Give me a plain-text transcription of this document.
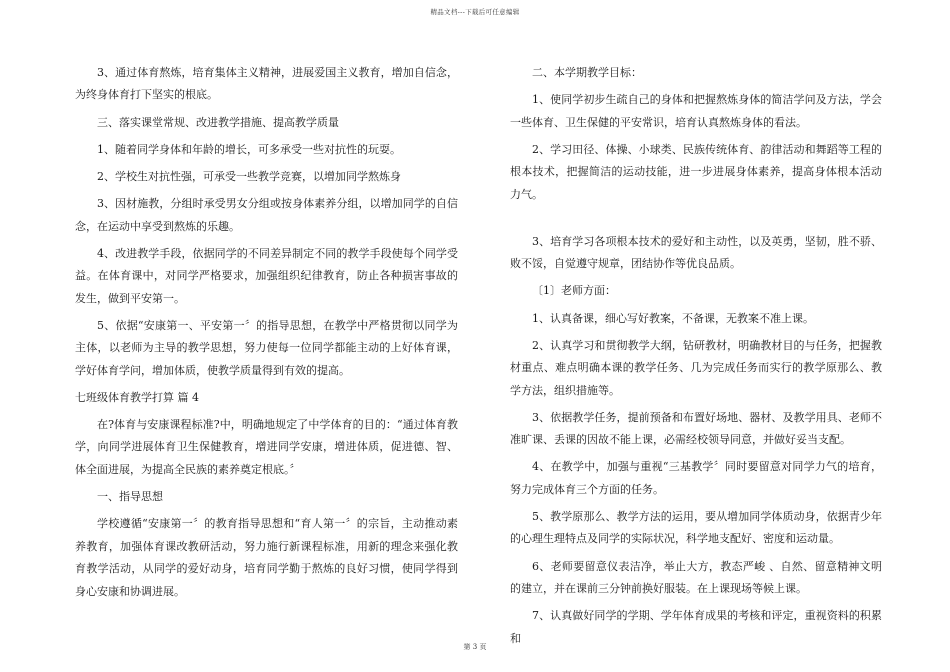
精品文档---下载后可任意编辑

3、通过体育熬炼，培育集体主义精神，进展爱国主义教育，增加自信念，为终身体育打下坚实的根底。

三、落实课堂常规、改进教学措施、提高教学质量

1、随着同学身体和年龄的增长，可多承受一些对抗性的玩耍。

2、学校生对抗性强，可承受一些教学竞赛，以增加同学熬炼身

3、因材施教，分组时承受男女分组或按身体素养分组，以增加同学的自信念，在运动中享受到熬炼的乐趣。

4、改进教学手段，依据同学的不同差异制定不同的教学手段使每个同学受益。在体育课中，对同学严格要求，加强组织纪律教育，防止各种损害事故的发生，做到平安第一。

5、依据“安康第一、平安第一〞的指导思想，在教学中严格贯彻以同学为主体，以老师为主导的教学思想，努力使每一位同学都能主动的上好体育课，学好体育学问，增加体质，使教学质量得到有效的提高。

七班级体育教学打算 篇 4

在?体育与安康课程标准?中，明确地规定了中学体育的目的：“通过体育教学，向同学进展体育卫生保健教育，增进同学安康，增进体质，促进德、智、体全面进展，为提高全民族的素养奠定根底。〞

一、指导思想

学校遵循“安康第一〞的教育指导思想和“育人第一〞的宗旨，主动推动素养教育，加强体育课改教研活动，努力施行新课程标准，用新的理念来强化教育教学活动，从同学的爱好动身，培育同学勤于熬炼的良好习惯，使同学得到身心安康和协调进展。

二、本学期教学目标：

1、使同学初步生疏自己的身体和把握熬炼身体的简洁学问及方法，学会一些体育、卫生保健的平安常识，培育认真熬炼身体的看法。

2、学习田径、体操、小球类、民族传统体育、韵律活动和舞蹈等工程的根本技术，把握简洁的运动技能，进一步进展身体素养，提高身体根本活动力气。

3、培育学习各项根本技术的爱好和主动性，以及英勇，坚韧，胜不骄、败不馁，自觉遵守规章，团结协作等优良品质。

〔1〕老师方面：

1、认真备课，细心写好教案，不备课，无教案不准上课。

2、认真学习和贯彻教学大纲，钻研教材，明确教材目的与任务，把握教材重点、难点明确本课的教学任务、几为完成任务而实行的教学原那么、教学方法，组织措施等。

3、依据教学任务，提前预备和布置好场地、器材、及教学用具、老师不准旷课、丢课的因故不能上课，必需经校领导同意，并做好妥当支配。

4、在教学中，加强与重视“三基教学〞同时要留意对同学力气的培育，努力完成体育三个方面的任务。

5、教学原那么、教学方法的运用，要从增加同学体质动身，依据青少年的心理生理特点及同学的实际状况，科学地支配好、密度和运动量。

6、老师要留意仪表洁净，举止大方，教态严峻 、自然、留意精神文明的建立，并在课前三分钟前换好服装。在上课现场等候上课。

7、认真做好同学的学期、学年体育成果的考核和评定，重视资料的积累和

第 3 页
